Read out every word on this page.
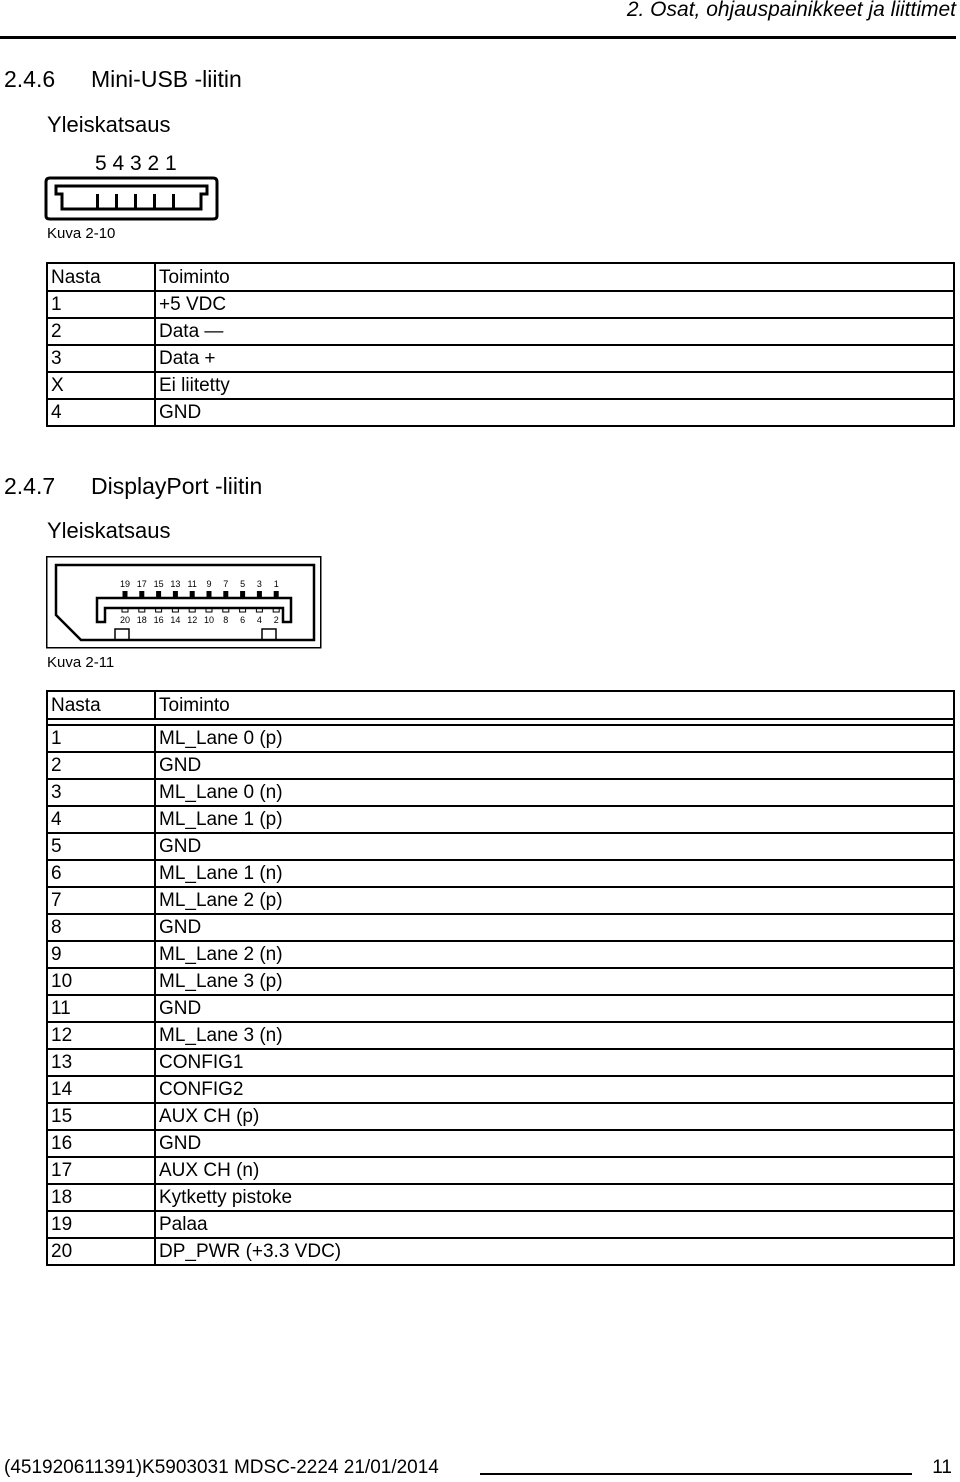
2. Osat, ohjauspainikkeet ja liittimet
2.4.6 Mini-USB -liitin
Yleiskatsaus
5 4 3 2 1
Kuva 2-10
Nasta	Toiminto
1	+5 VDC
2	Data —
3	Data +
X	Ei liitetty
4	GND
2.4.7 DisplayPort -liitin
Yleiskatsaus
19 17 15 13 11 9 7 5 3 1
20 18 16 14 12 10 8 6 4 2
Kuva 2-11
Nasta	Toiminto

1	ML_Lane 0 (p)
2	GND
3	ML_Lane 0 (n)
4	ML_Lane 1 (p)
5	GND
6	ML_Lane 1 (n)
7	ML_Lane 2 (p)
8	GND
9	ML_Lane 2 (n)
10	ML_Lane 3 (p)
11	GND
12	ML_Lane 3 (n)
13	CONFIG1
14	CONFIG2
15	AUX CH (p)
16	GND
17	AUX CH (n)
18	Kytketty pistoke
19	Palaa
20	DP_PWR (+3.3 VDC)
(451920611391)K5903031 MDSC-2224 21/01/2014	11
